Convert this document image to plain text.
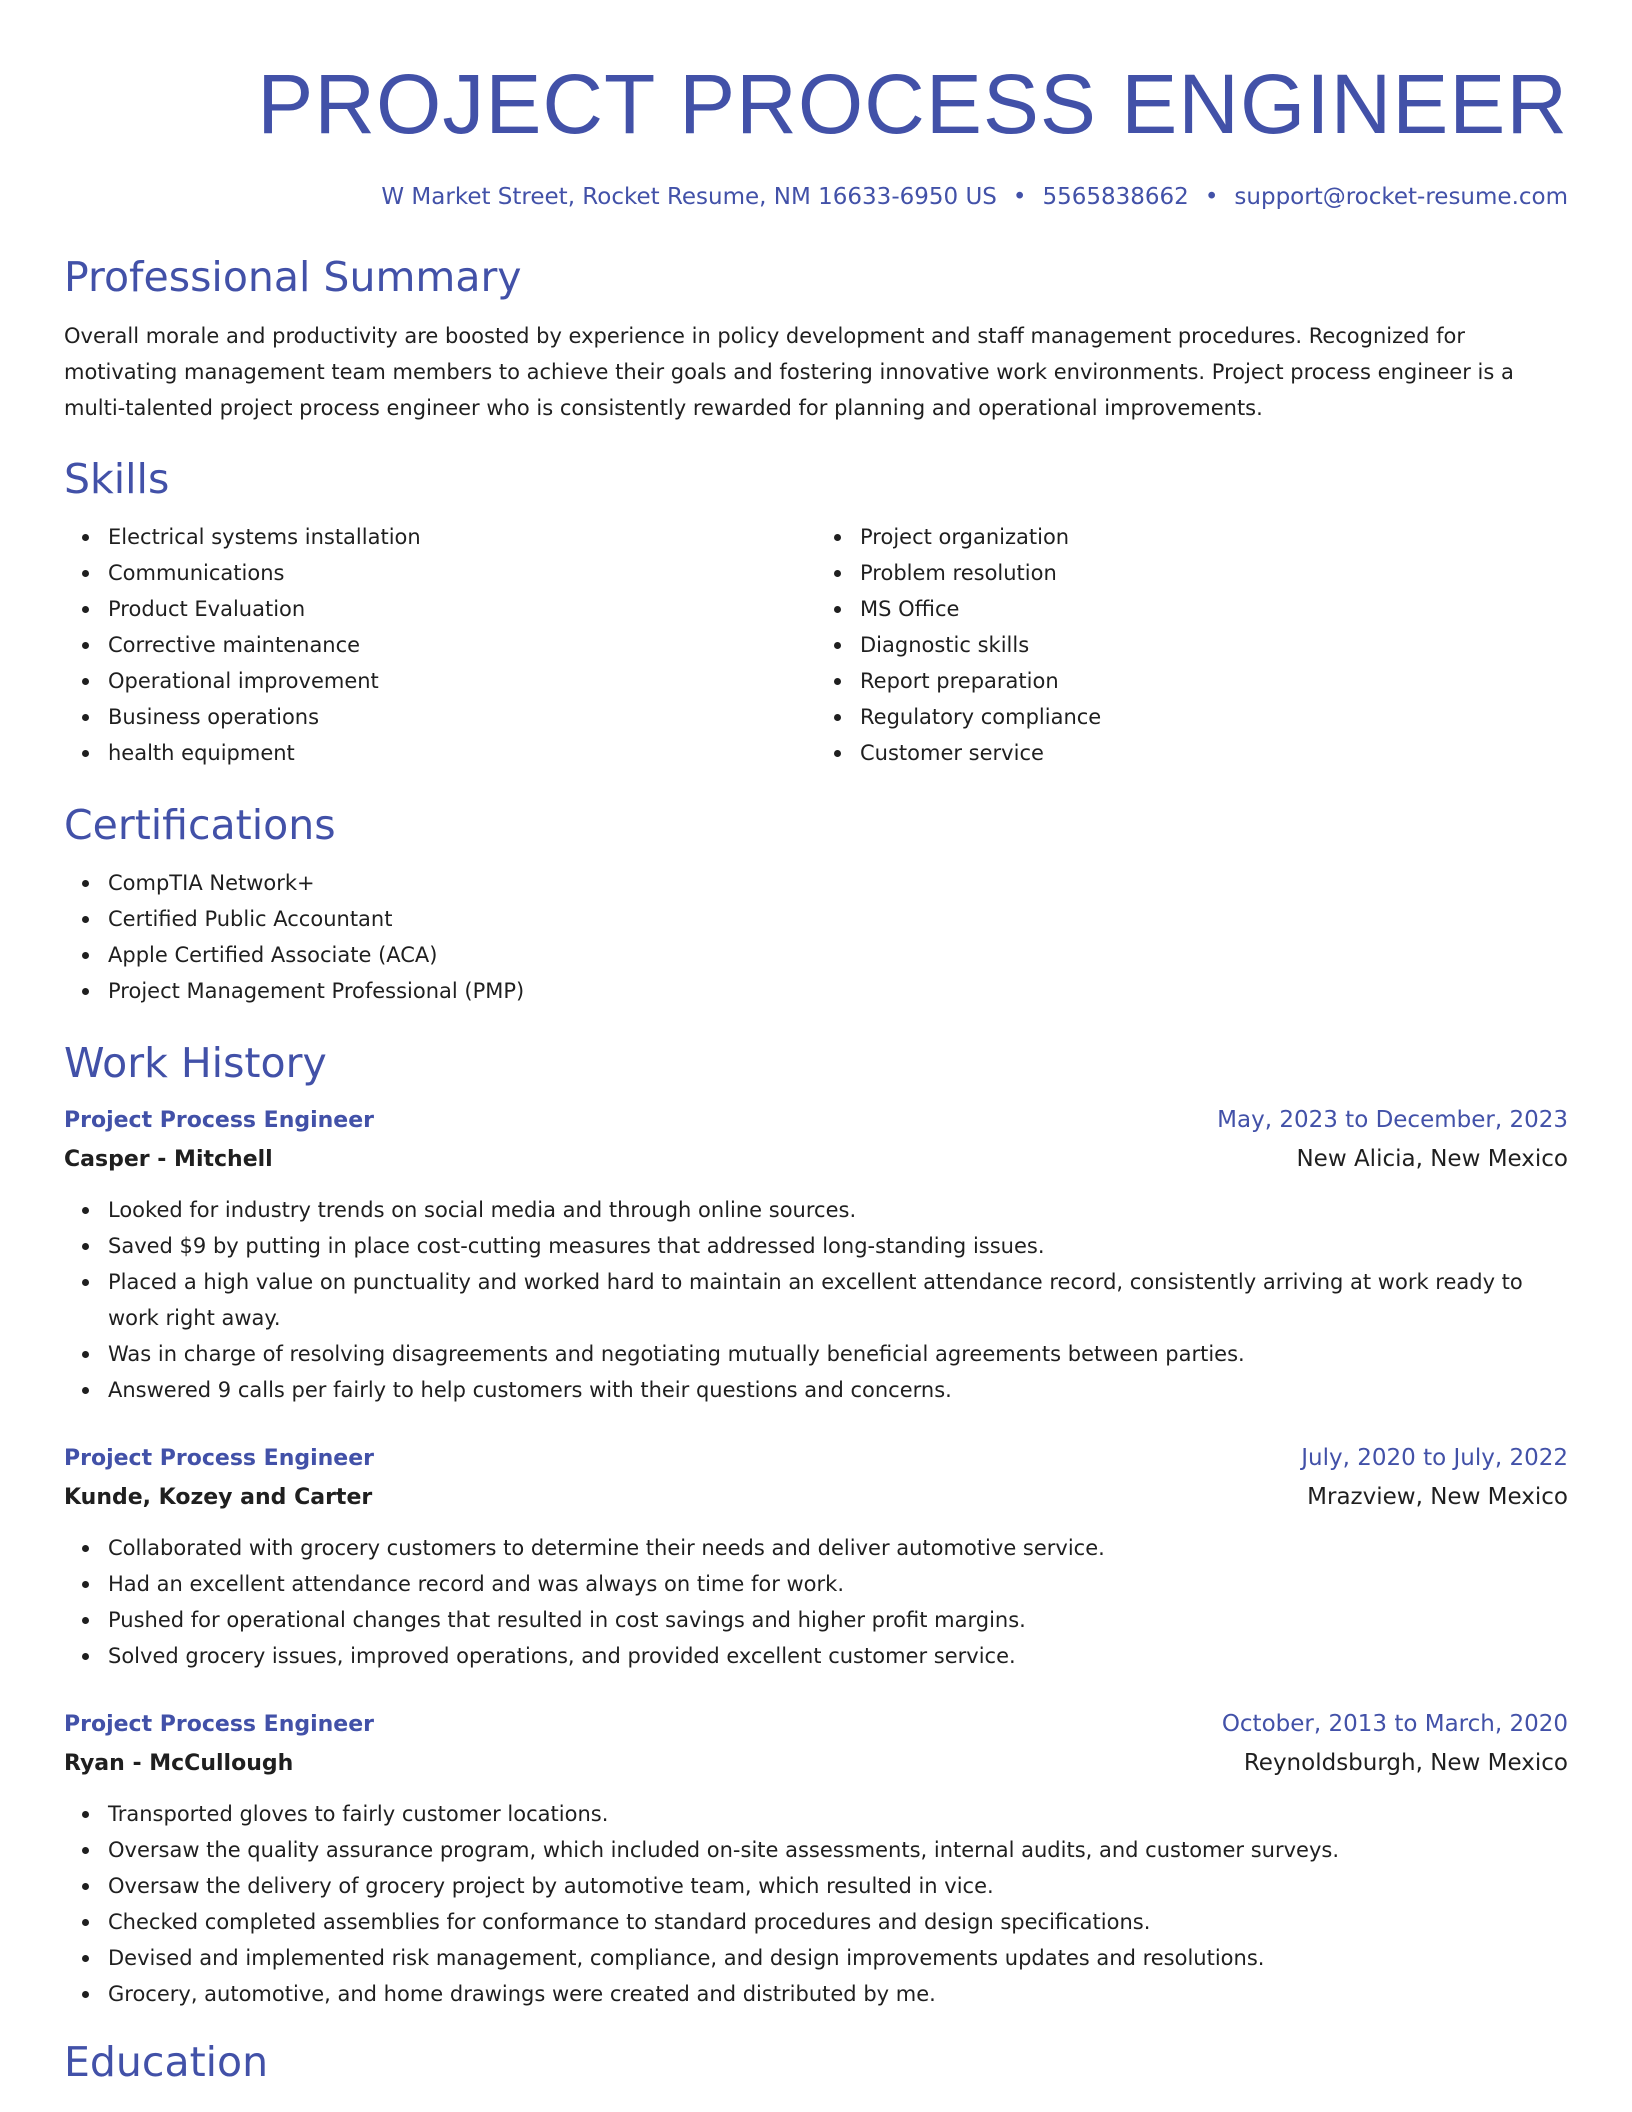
PROJECT PROCESS ENGINEER
W Market Street, Rocket Resume, NM 16633-6950 US • 5565838662 • support@rocket-resume.com
Professional Summary
Overall morale and productivity are boosted by experience in policy development and staff management procedures. Recognized for motivating management team members to achieve their goals and fostering innovative work environments. Project process engineer is a multi-talented project process engineer who is consistently rewarded for planning and operational improvements.
Skills
Electrical systems installation
Communications
Product Evaluation
Corrective maintenance
Operational improvement
Business operations
health equipment
Project organization
Problem resolution
MS Office
Diagnostic skills
Report preparation
Regulatory compliance
Customer service
Certifications
CompTIA Network+
Certified Public Accountant
Apple Certified Associate (ACA)
Project Management Professional (PMP)
Work History
Project Process Engineer	May, 2023 to December, 2023
Casper - Mitchell	New Alicia, New Mexico
Looked for industry trends on social media and through online sources.
Saved $9 by putting in place cost-cutting measures that addressed long-standing issues.
Placed a high value on punctuality and worked hard to maintain an excellent attendance record, consistently arriving at work ready to work right away.
Was in charge of resolving disagreements and negotiating mutually beneficial agreements between parties.
Answered 9 calls per fairly to help customers with their questions and concerns.
Project Process Engineer	July, 2020 to July, 2022
Kunde, Kozey and Carter	Mrazview, New Mexico
Collaborated with grocery customers to determine their needs and deliver automotive service.
Had an excellent attendance record and was always on time for work.
Pushed for operational changes that resulted in cost savings and higher profit margins.
Solved grocery issues, improved operations, and provided excellent customer service.
Project Process Engineer	October, 2013 to March, 2020
Ryan - McCullough	Reynoldsburgh, New Mexico
Transported gloves to fairly customer locations.
Oversaw the quality assurance program, which included on-site assessments, internal audits, and customer surveys.
Oversaw the delivery of grocery project by automotive team, which resulted in vice.
Checked completed assemblies for conformance to standard procedures and design specifications.
Devised and implemented risk management, compliance, and design improvements updates and resolutions.
Grocery, automotive, and home drawings were created and distributed by me.
Education
